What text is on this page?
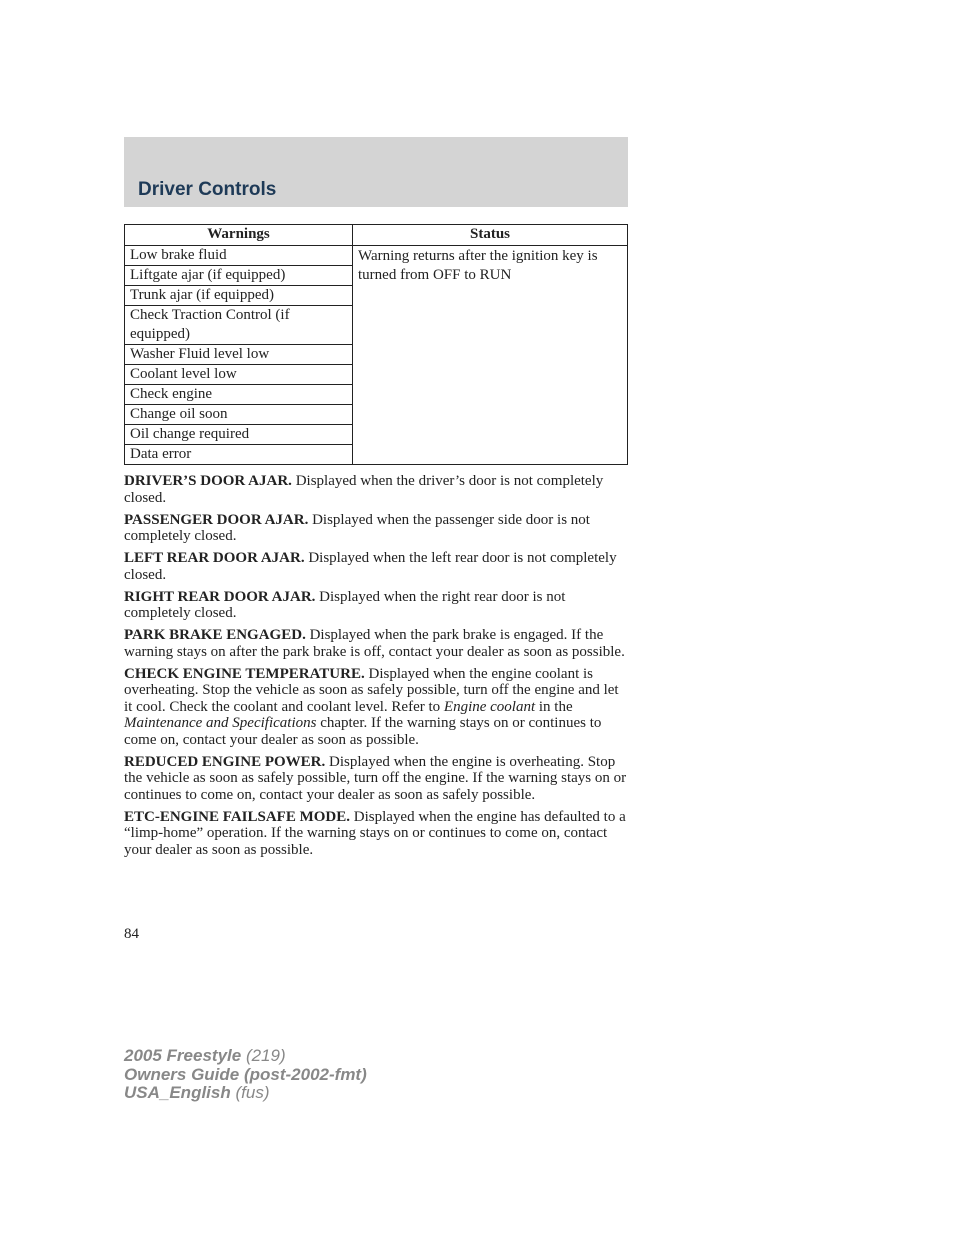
Driver Controls
Warnings	Status
Low brake fluid	Warning returns after the ignition key is turned from OFF to RUN
Liftgate ajar (if equipped)	
Trunk ajar (if equipped)	
Check Traction Control (if equipped)	
Washer Fluid level low	
Coolant level low	
Check engine	
Change oil soon	
Oil change required	
Data error	

DRIVER’S DOOR AJAR. Displayed when the driver’s door is not completely closed.

PASSENGER DOOR AJAR. Displayed when the passenger side door is not completely closed.

LEFT REAR DOOR AJAR. Displayed when the left rear door is not completely closed.

RIGHT REAR DOOR AJAR. Displayed when the right rear door is not completely closed.

PARK BRAKE ENGAGED. Displayed when the park brake is engaged. If the warning stays on after the park brake is off, contact your dealer as soon as possible.

CHECK ENGINE TEMPERATURE. Displayed when the engine coolant is overheating. Stop the vehicle as soon as safely possible, turn off the engine and let it cool. Check the coolant and coolant level. Refer to Engine coolant in the Maintenance and Specifications chapter. If the warning stays on or continues to come on, contact your dealer as soon as possible.

REDUCED ENGINE POWER. Displayed when the engine is overheating. Stop the vehicle as soon as safely possible, turn off the engine. If the warning stays on or continues to come on, contact your dealer as soon as safely possible.

ETC-ENGINE FAILSAFE MODE. Displayed when the engine has defaulted to a “limp-home” operation. If the warning stays on or continues to come on, contact your dealer as soon as possible.

84
2005 Freestyle (219)
Owners Guide (post-2002-fmt)
USA_English (fus)
